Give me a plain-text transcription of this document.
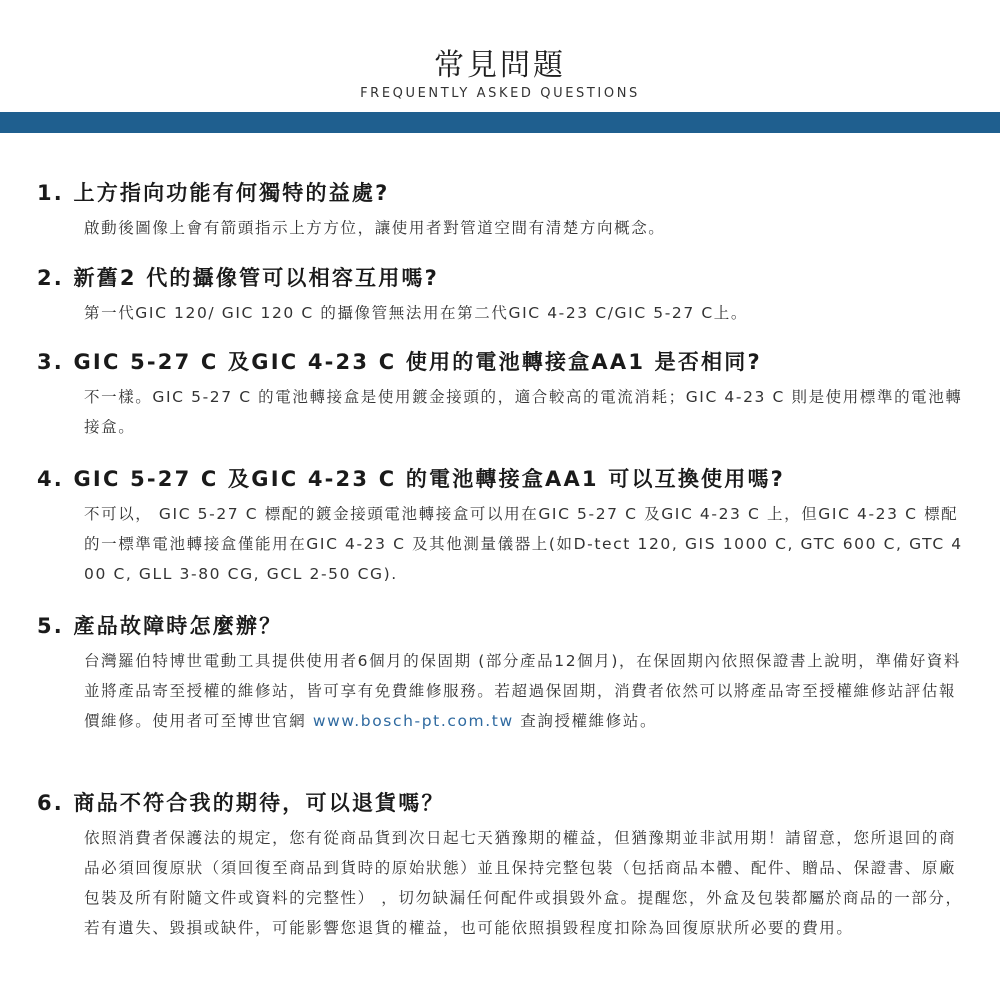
常見問題
FREQUENTLY ASKED QUESTIONS
1. 上方指向功能有何獨特的益處?
啟動後圖像上會有箭頭指示上方方位，讓使用者對管道空間有清楚方向概念。
2. 新舊2 代的攝像管可以相容互用嗎?
第一代GIC 120/ GIC 120 C 的攝像管無法用在第二代GIC 4-23 C/GIC 5-27 C上。
3. GIC 5-27 C 及GIC 4-23 C 使用的電池轉接盒AA1 是否相同?
不一樣。GIC 5-27 C 的電池轉接盒是使用鍍金接頭的，適合較高的電流消耗；GIC 4-23 C 則是使用標準的電池轉接盒。
4. GIC 5-27 C 及GIC 4-23 C 的電池轉接盒AA1 可以互換使用嗎?
不可以， GIC 5-27 C 標配的鍍金接頭電池轉接盒可以用在GIC 5-27 C 及GIC 4-23 C 上，但GIC 4-23 C 標配的一標準電池轉接盒僅能用在GIC 4-23 C 及其他測量儀器上(如D-tect 120, GIS 1000 C, GTC 600 C, GTC 400 C, GLL 3-80 CG, GCL 2-50 CG).
5. 產品故障時怎麼辦？
台灣羅伯特博世電動工具提供使用者6個月的保固期 (部分產品12個月)，在保固期內依照保證書上說明，準備好資料並將產品寄至授權的維修站，皆可享有免費維修服務。若超過保固期，消費者依然可以將產品寄至授權維修站評估報價維修。使用者可至博世官網 www.bosch-pt.com.tw 查詢授權維修站。
6. 商品不符合我的期待，可以退貨嗎？
依照消費者保護法的規定，您有從商品貨到次日起七天猶豫期的權益，但猶豫期並非試用期！請留意，您所退回的商品必須回復原狀（須回復至商品到貨時的原始狀態）並且保持完整包裝（包括商品本體、配件、贈品、保證書、原廠包裝及所有附隨文件或資料的完整性） ，切勿缺漏任何配件或損毀外盒。提醒您，外盒及包裝都屬於商品的一部分，若有遺失、毀損或缺件，可能影響您退貨的權益，也可能依照損毀程度扣除為回復原狀所必要的費用。
